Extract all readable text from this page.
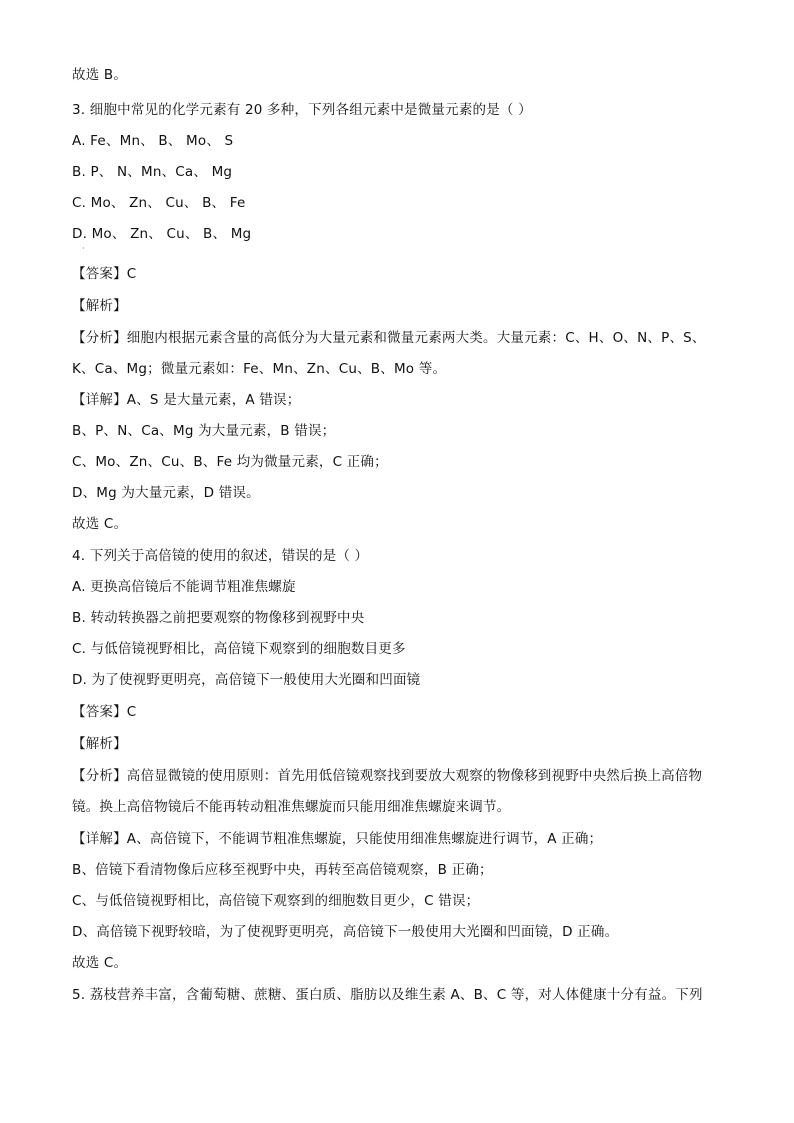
故选 B。
3. 细胞中常见的化学元素有 20 多种，下列各组元素中是微量元素的是（ ）
A. Fe、Mn、 B、 Mo、 S
B. P、 N、Mn、Ca、 Mg
C. Mo、 Zn、 Cu、 B、 Fe
D. Mo、 Zn、 Cu、 B、 Mg
·
【答案】C
【解析】
【分析】细胞内根据元素含量的高低分为大量元素和微量元素两大类。大量元素：C、H、O、N、P、S、
K、Ca、Mg；微量元素如：Fe、Mn、Zn、Cu、B、Mo 等。
【详解】A、S 是大量元素，A 错误；
B、P、N、Ca、Mg 为大量元素，B 错误；
C、Mo、Zn、Cu、B、Fe 均为微量元素，C 正确；
D、Mg 为大量元素，D 错误。
故选 C。
4. 下列关于高倍镜的使用的叙述，错误的是（ ）
A. 更换高倍镜后不能调节粗准焦螺旋
B. 转动转换器之前把要观察的物像移到视野中央
C. 与低倍镜视野相比，高倍镜下观察到的细胞数目更多
D. 为了使视野更明亮，高倍镜下一般使用大光圈和凹面镜
【答案】C
【解析】
【分析】高倍显微镜的使用原则：首先用低倍镜观察找到要放大观察的物像移到视野中央然后换上高倍物
镜。换上高倍物镜后不能再转动粗准焦螺旋而只能用细准焦螺旋来调节。
【详解】A、高倍镜下，不能调节粗准焦螺旋，只能使用细准焦螺旋进行调节，A 正确；
B、倍镜下看清物像后应移至视野中央，再转至高倍镜观察，B 正确；
C、与低倍镜视野相比，高倍镜下观察到的细胞数目更少，C 错误；
D、高倍镜下视野较暗，为了使视野更明亮，高倍镜下一般使用大光圈和凹面镜，D 正确。
故选 C。
5. 荔枝营养丰富，含葡萄糖、蔗糖、蛋白质、脂肪以及维生素 A、B、C 等，对人体健康十分有益。下列
